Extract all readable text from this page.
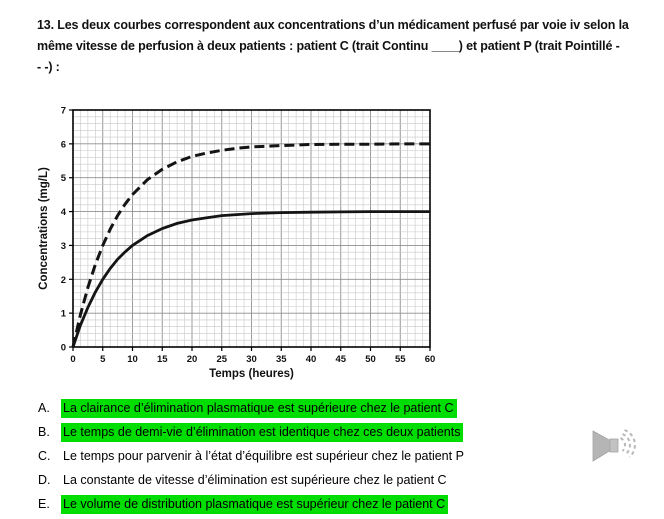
13. Les deux courbes correspondent aux concentrations d’un médicament perfusé par voie iv selon la
même vitesse de perfusion à deux patients : patient C (trait Continu ____) et patient P (trait Pointillé -
- -) :
0
1
2
3
4
5
6
7
0	5 10 15 20 25 30 35 40 45 50 55 60
Concentrations (mg/L)
Temps (heures)
A.	La clairance d’élimination plasmatique est supérieure chez le patient C
B.	Le temps de demi-vie d’élimination est identique chez ces deux patients
C.	Le temps pour parvenir à l’état d’équilibre est supérieur chez le patient P
D.	La constante de vitesse d’élimination est supérieure chez le patient C
E.	Le volume de distribution plasmatique est supérieur chez le patient C
